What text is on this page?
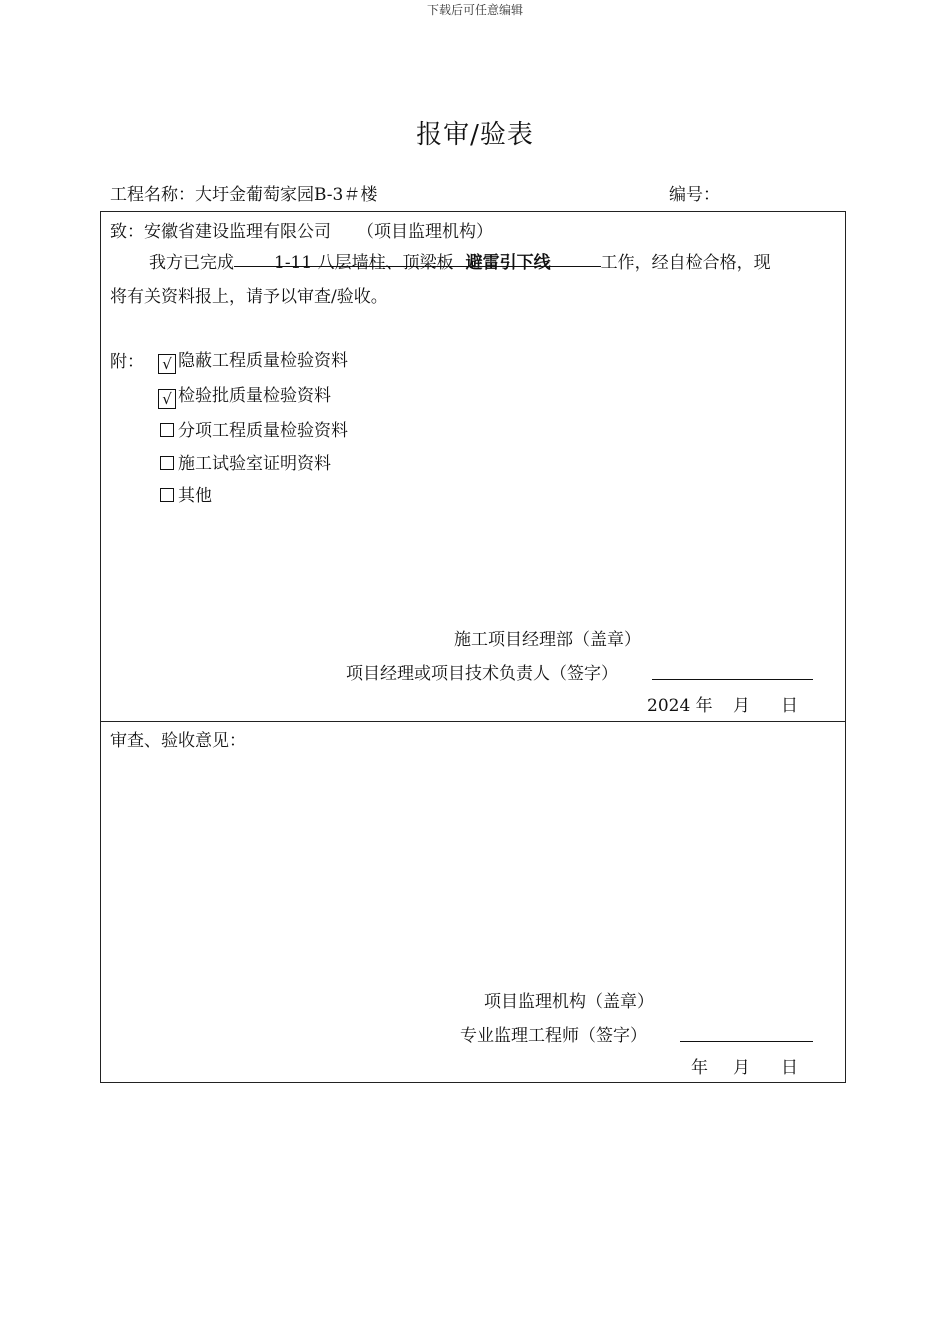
下载后可任意编辑
报审/验表
工程名称：大圩金葡萄家园B-3＃楼	编号：
致：安徽省建设监理有限公司 （项目监理机构）
我方已完成 1-11 八层墙柱、顶梁板 避雷引下线	工作，经自检合格，现
将有关资料报上，请予以审查/验收。
附： √ 隐蔽工程质量检验资料
√ 检验批质量检验资料
分项工程质量检验资料
施工试验室证明资料
其他
施工项目经理部（盖章）
项目经理或项目技术负责人（签字）
2024 年 月 日
审查、验收意见：
项目监理机构（盖章）
专业监理工程师（签字）
年 月 日
